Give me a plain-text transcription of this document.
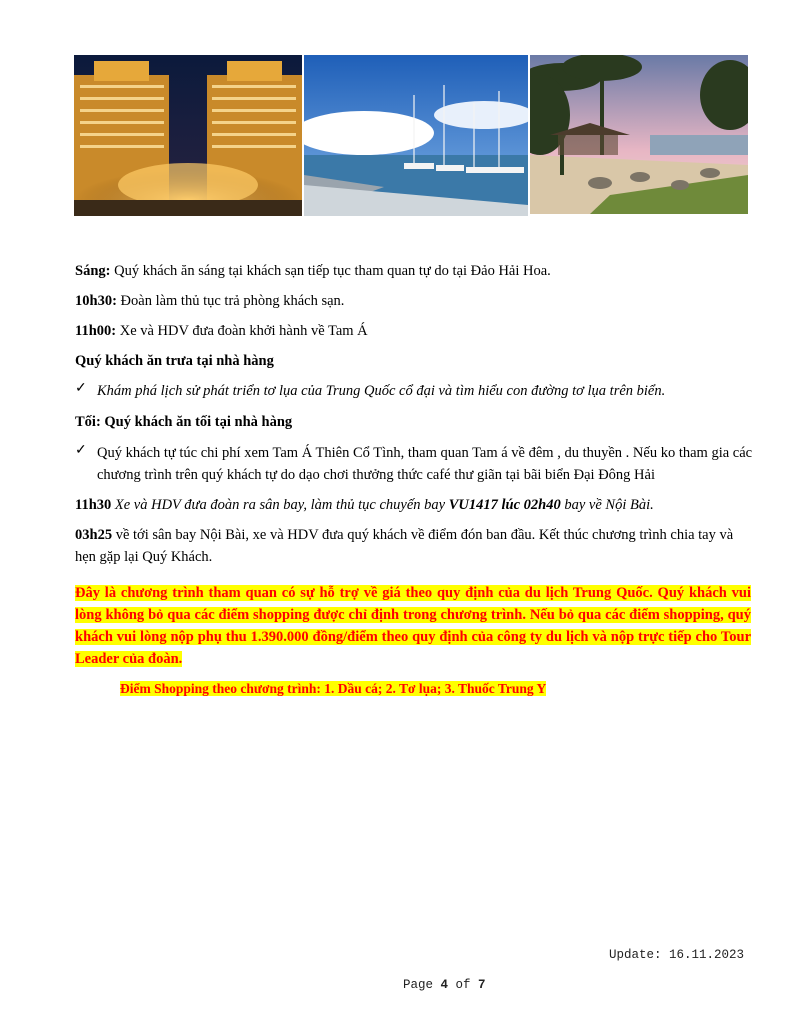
Sáng: Quý khách ăn sáng tại khách sạn tiếp tục tham quan tự do tại Đảo Hải Hoa.
10h30: Đoàn làm thủ tục trả phòng khách sạn.
11h00: Xe và HDV đưa đoàn khởi hành về Tam Á
Quý khách ăn trưa tại nhà hàng
✓ Khám phá lịch sử phát triển tơ lụa của Trung Quốc cổ đại và tìm hiểu con đường tơ lụa trên biển.
Tối: Quý khách ăn tối tại nhà hàng
✓ Quý khách tự túc chi phí xem Tam Á Thiên Cổ Tình, tham quan Tam á về đêm , du thuyền . Nếu ko tham gia các chương trình trên quý khách tự do dạo chơi thưởng thức café thư giãn tại bãi biển Đại Đông Hải
11h30 Xe và HDV đưa đoàn ra sân bay, làm thủ tục chuyến bay VU1417 lúc 02h40 bay về Nội Bài.
03h25 về tới sân bay Nội Bài, xe và HDV đưa quý khách về điểm đón ban đầu. Kết thúc chương trình chia tay và hẹn gặp lại Quý Khách.
Đây là chương trình tham quan có sự hỗ trợ về giá theo quy định của du lịch Trung Quốc. Quý khách vui lòng không bỏ qua các điểm shopping được chỉ định trong chương trình. Nếu bỏ qua các điểm shopping, quý khách vui lòng nộp phụ thu 1.390.000 đồng/điểm theo quy định của công ty du lịch và nộp trực tiếp cho Tour Leader của đoàn.
Điểm Shopping theo chương trình: 1. Dầu cá; 2. Tơ lụa; 3. Thuốc Trung Y
Update: 16.11.2023
Page 4 of 7
